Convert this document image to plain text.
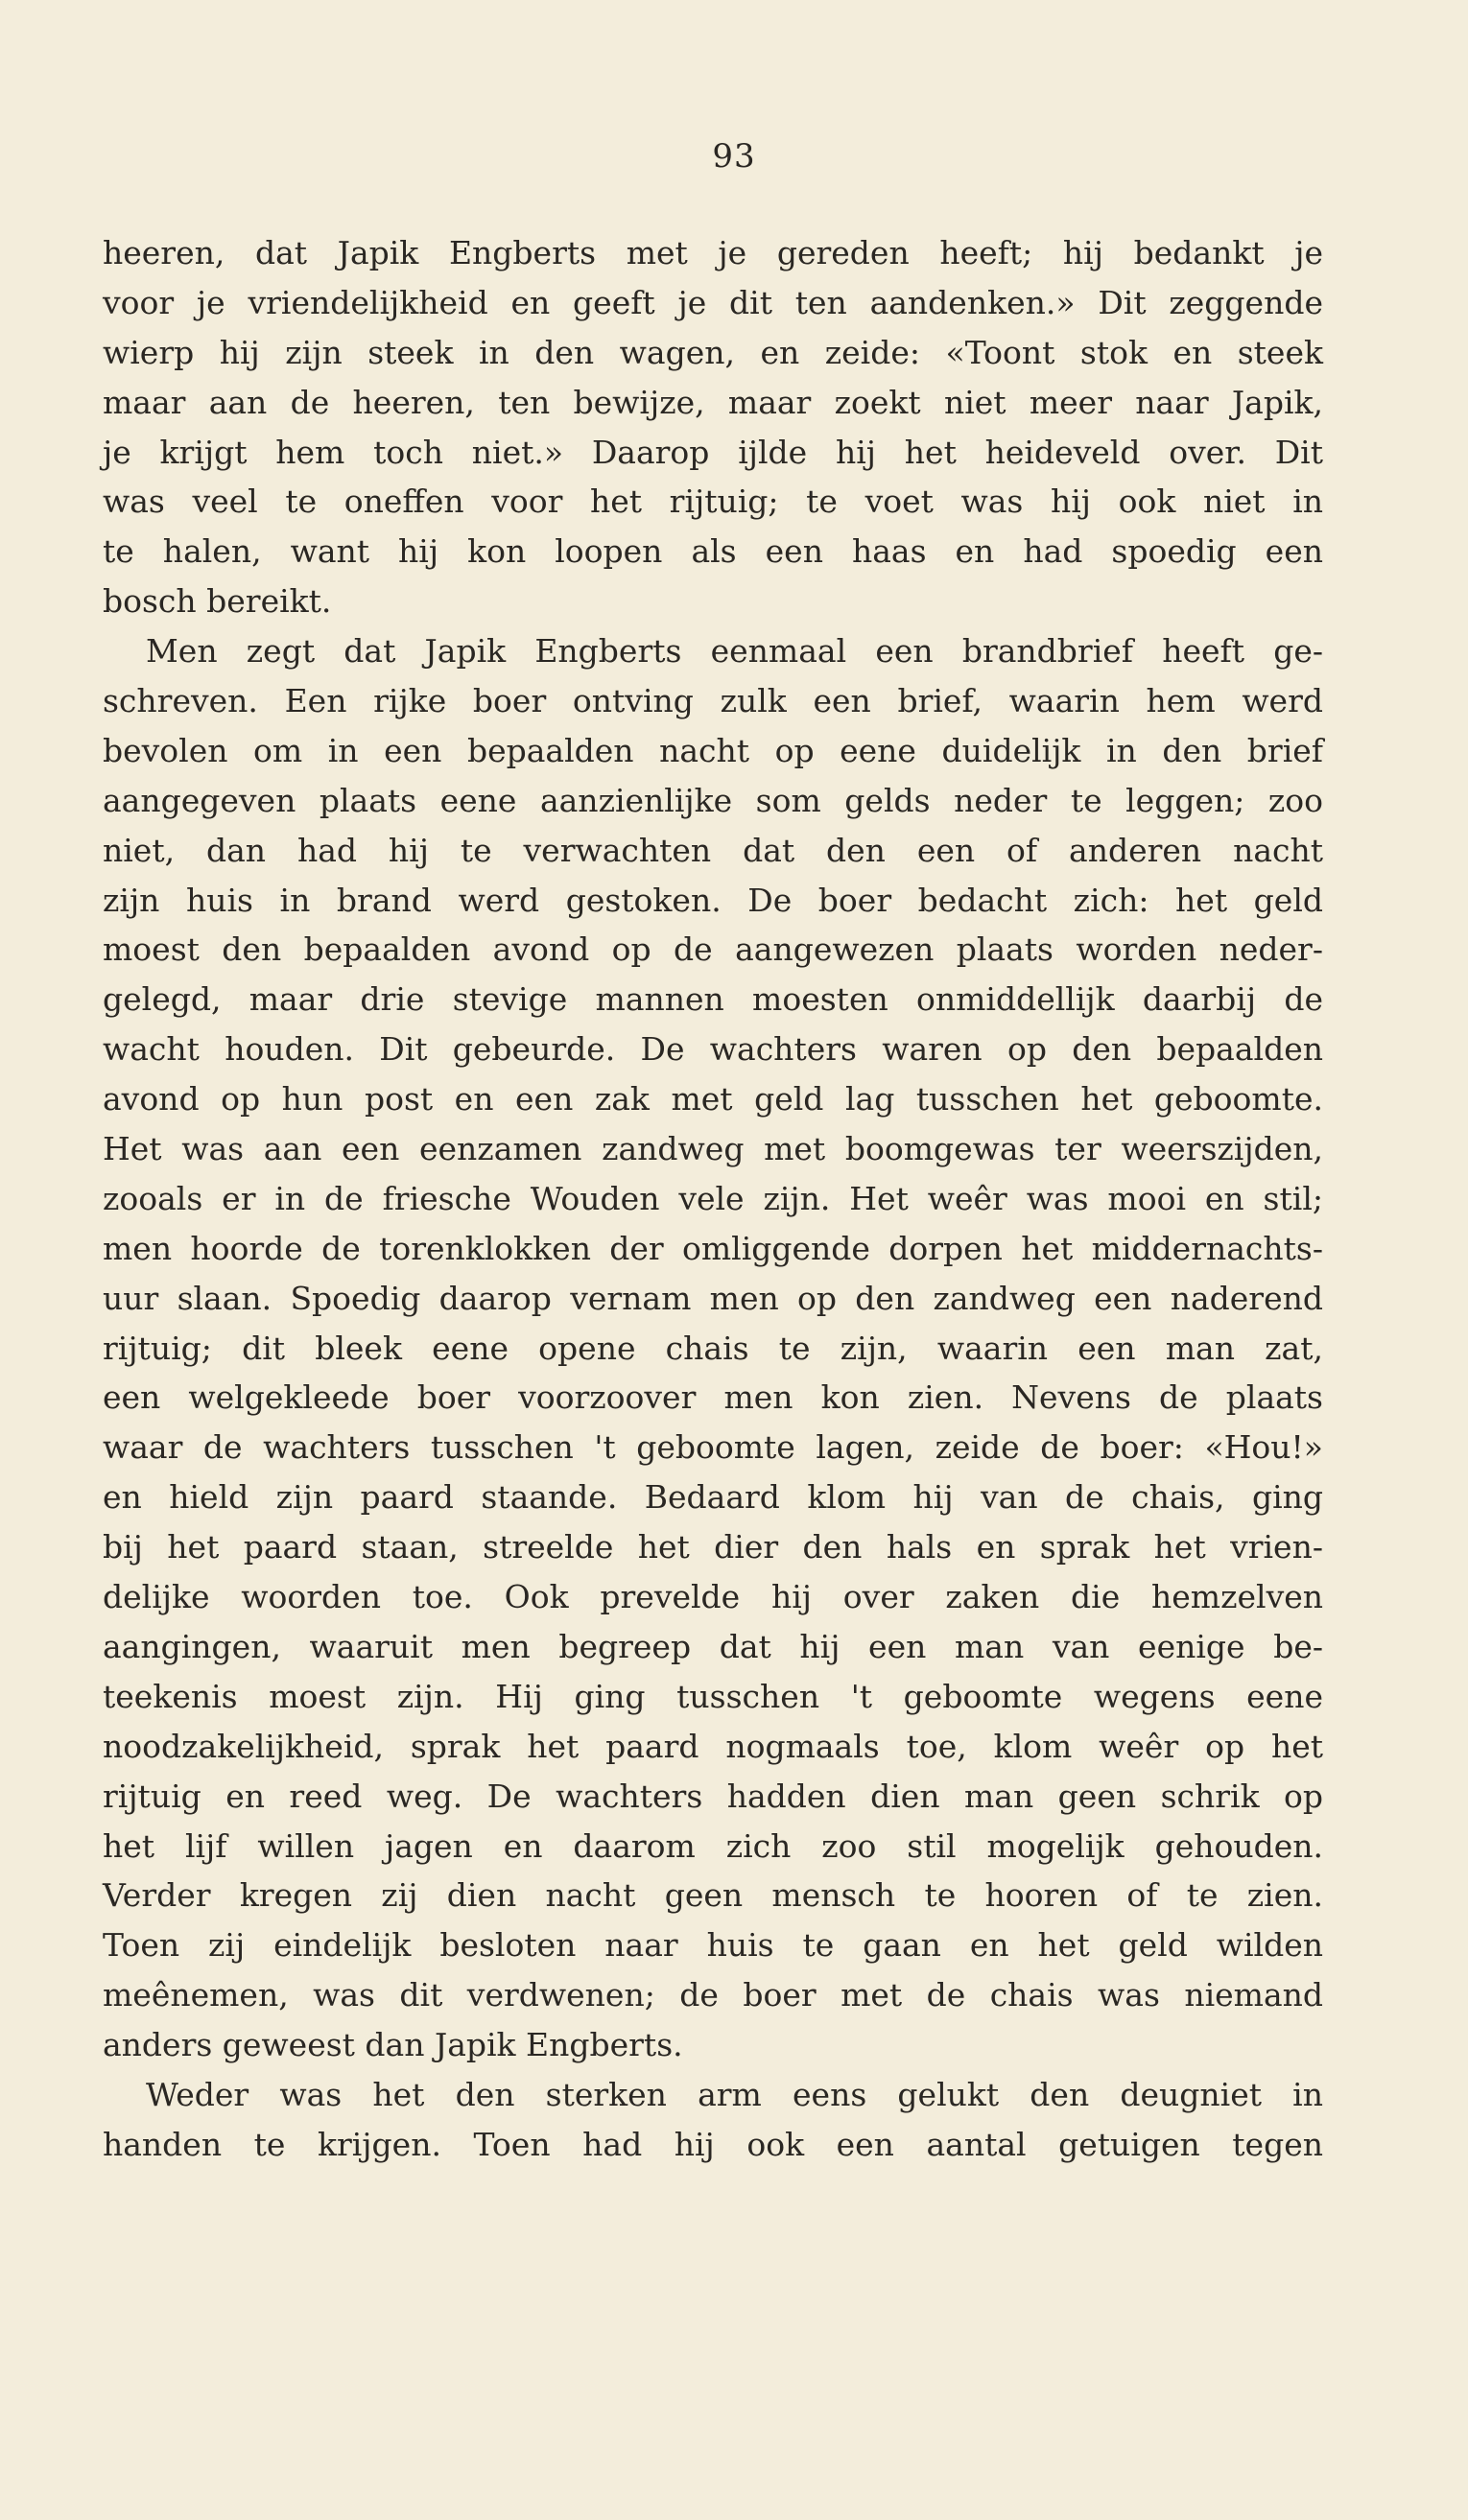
93
heeren, dat Japik Engberts met je gereden heeft; hij bedankt je
voor je vriendelijkheid en geeft je dit ten aandenken.» Dit zeggende
wierp hij zijn steek in den wagen, en zeide: «Toont stok en steek
maar aan de heeren, ten bewijze, maar zoekt niet meer naar Japik,
je krijgt hem toch niet.» Daarop ijlde hij het heideveld over. Dit
was veel te oneffen voor het rijtuig; te voet was hij ook niet in
te halen, want hij kon loopen als een haas en had spoedig een
bosch bereikt.
Men zegt dat Japik Engberts eenmaal een brandbrief heeft ge-
schreven. Een rijke boer ontving zulk een brief, waarin hem werd
bevolen om in een bepaalden nacht op eene duidelijk in den brief
aangegeven plaats eene aanzienlijke som gelds neder te leggen; zoo
niet, dan had hij te verwachten dat den een of anderen nacht
zijn huis in brand werd gestoken. De boer bedacht zich: het geld
moest den bepaalden avond op de aangewezen plaats worden neder-
gelegd, maar drie stevige mannen moesten onmiddellijk daarbij de
wacht houden. Dit gebeurde. De wachters waren op den bepaalden
avond op hun post en een zak met geld lag tusschen het geboomte.
Het was aan een eenzamen zandweg met boomgewas ter weerszijden,
zooals er in de friesche Wouden vele zijn. Het weêr was mooi en stil;
men hoorde de torenklokken der omliggende dorpen het middernachts-
uur slaan. Spoedig daarop vernam men op den zandweg een naderend
rijtuig; dit bleek eene opene chais te zijn, waarin een man zat,
een welgekleede boer voorzoover men kon zien. Nevens de plaats
waar de wachters tusschen 't geboomte lagen, zeide de boer: «Hou!»
en hield zijn paard staande. Bedaard klom hij van de chais, ging
bij het paard staan, streelde het dier den hals en sprak het vrien-
delijke woorden toe. Ook prevelde hij over zaken die hemzelven
aangingen, waaruit men begreep dat hij een man van eenige be-
teekenis moest zijn. Hij ging tusschen 't geboomte wegens eene
noodzakelijkheid, sprak het paard nogmaals toe, klom weêr op het
rijtuig en reed weg. De wachters hadden dien man geen schrik op
het lijf willen jagen en daarom zich zoo stil mogelijk gehouden.
Verder kregen zij dien nacht geen mensch te hooren of te zien.
Toen zij eindelijk besloten naar huis te gaan en het geld wilden
meênemen, was dit verdwenen; de boer met de chais was niemand
anders geweest dan Japik Engberts.
Weder was het den sterken arm eens gelukt den deugniet in
handen te krijgen. Toen had hij ook een aantal getuigen tegen
